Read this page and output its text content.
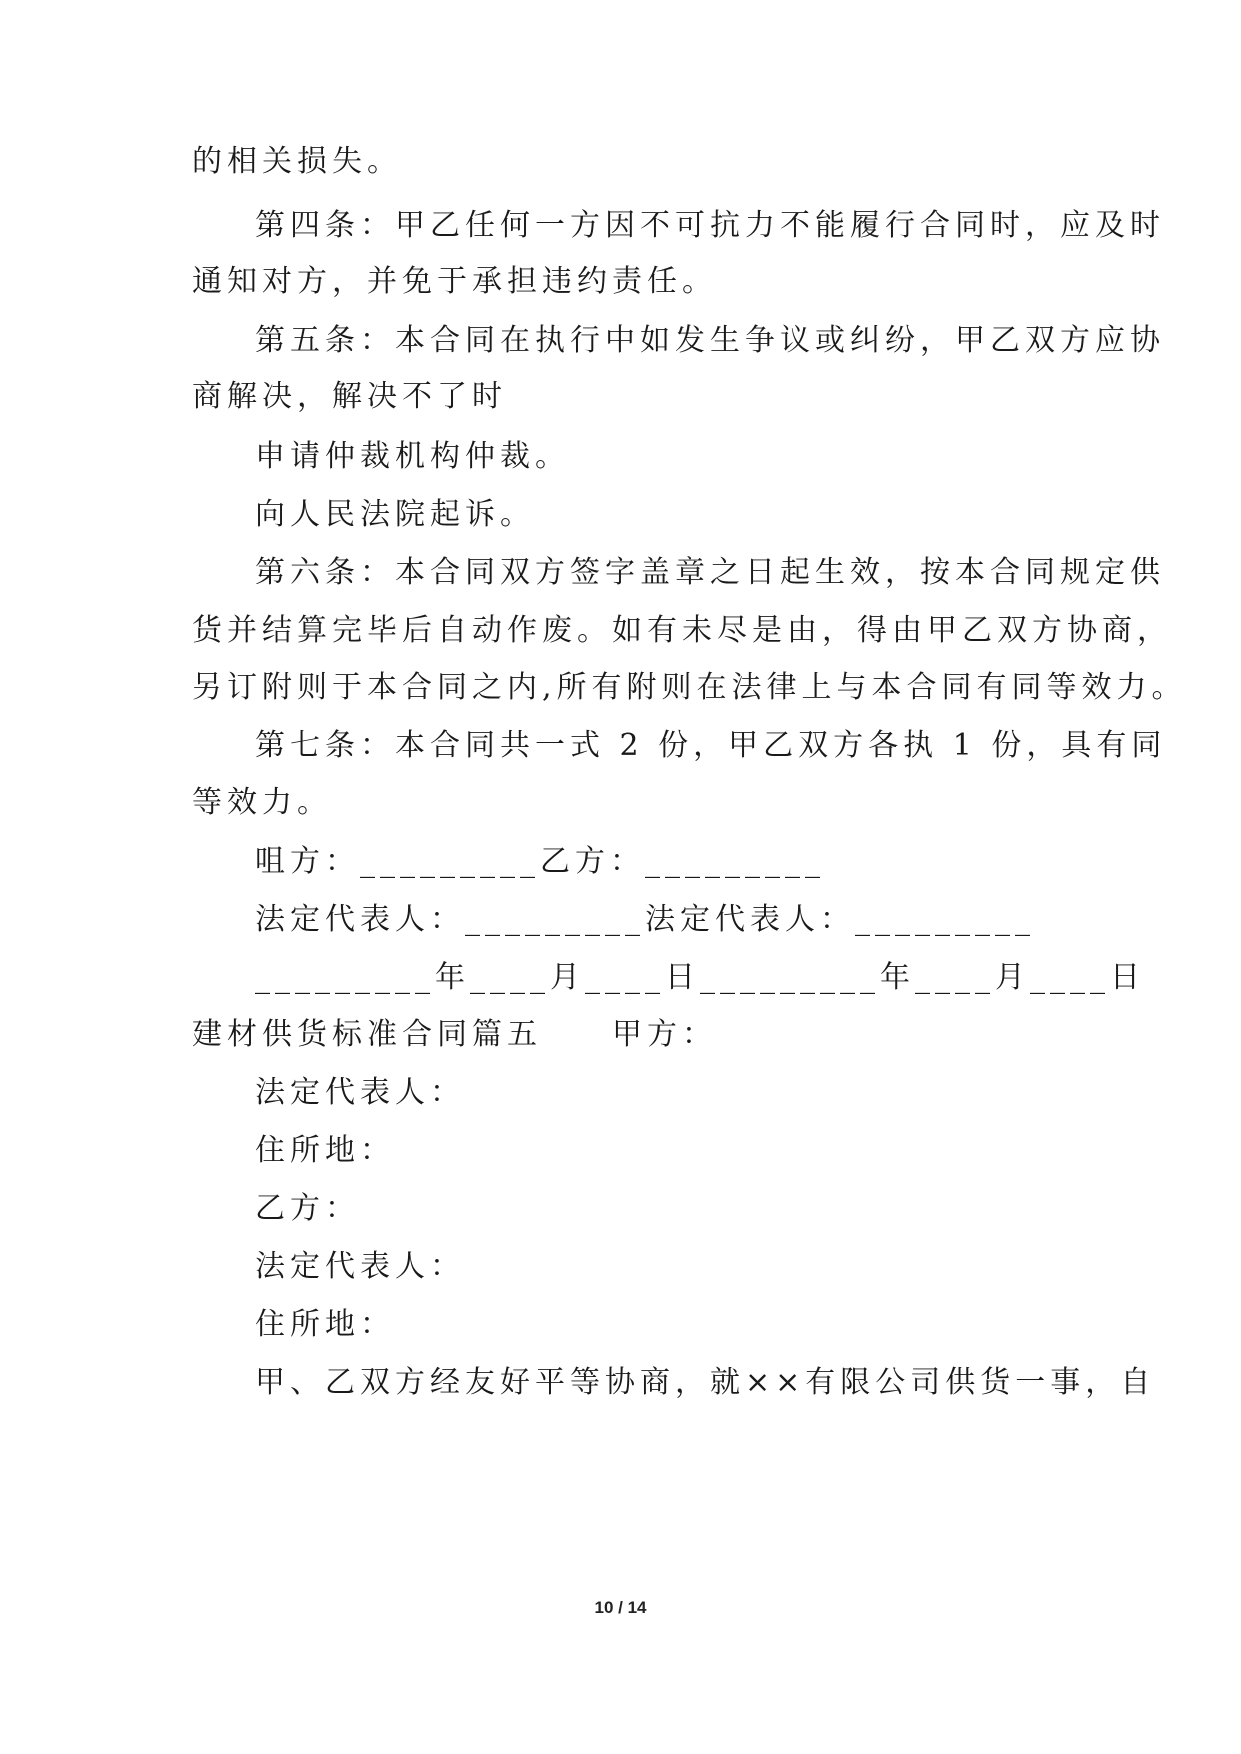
的相关损失。
第四条：甲乙任何一方因不可抗力不能履行合同时，应及时
通知对方，并免于承担违约责任。
第五条：本合同在执行中如发生争议或纠纷，甲乙双方应协
商解决，解决不了时
申请仲裁机构仲裁。
向人民法院起诉。
第六条：本合同双方签字盖章之日起生效，按本合同规定供
货并结算完毕后自动作废。如有未尽是由，得由甲乙双方协商，
另订附则于本合同之内,所有附则在法律上与本合同有同等效力。
第七条：本合同共一式 2 份，甲乙双方各执 1 份，具有同
等效力。
咀方：_________乙方：_________
法定代表人：_________法定代表人：_________
_________年____月____日_________年____月____日
建材供货标准合同篇五　　甲方：
法定代表人：
住所地：
乙方：
法定代表人：
住所地：
甲、乙双方经友好平等协商，就××有限公司供货一事，自
10 / 14
